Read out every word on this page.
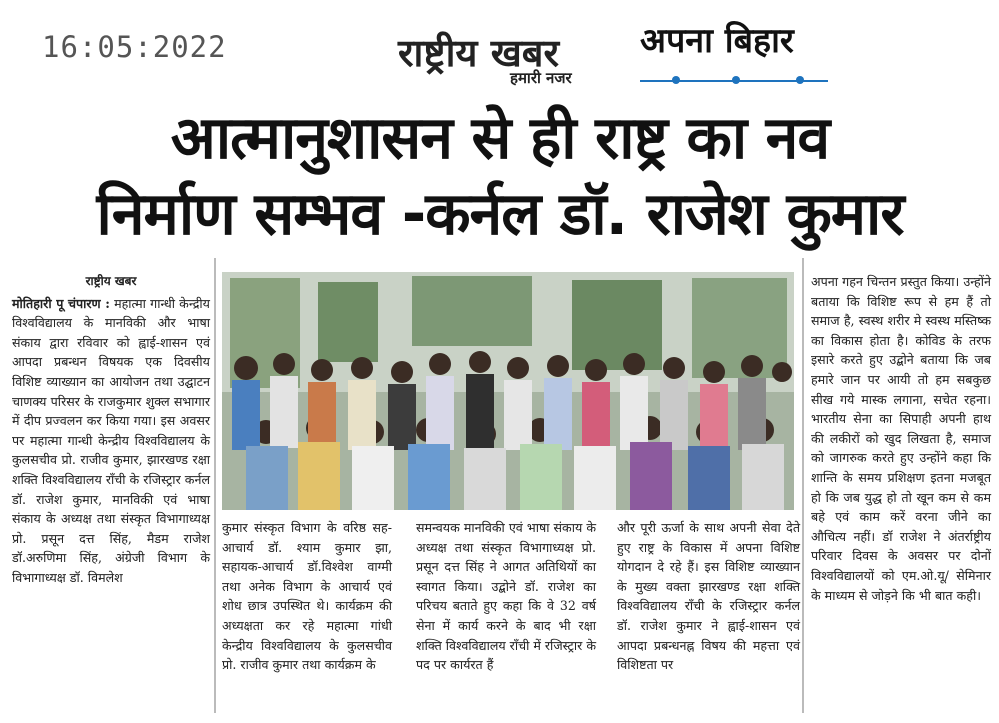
16:05:2022	राष्ट्रीय खबर
हमारी नजर
अपना बिहार
आत्मानुशासन से ही राष्ट्र का नव
निर्माण सम्भव -कर्नल डॉ. राजेश कुमार
राष्ट्रीय खबर
मोतिहारी पू चंपारण : महात्मा गान्धी केन्द्रीय विश्वविद्यालय के मानविकी और भाषा संकाय द्वारा रविवार को ह्वाई-शासन एवं आपदा प्रबन्धन विषयक एक दिवसीय विशिष्ट व्याख्यान का आयोजन तथा उद्घाटन चाणक्य परिसर के राजकुमार शुक्ल सभागार में दीप प्रज्वलन कर किया गया। इस अवसर पर महात्मा गान्धी केन्द्रीय विश्वविद्यालय के कुलसचीव प्रो. राजीव कुमार, झारखण्ड रक्षा शक्ति विश्वविद्यालय राँची के रजिस्ट्रार कर्नल डॉ. राजेश कुमार, मानविकी एवं भाषा संकाय के अध्यक्ष तथा संस्कृत विभागाध्यक्ष प्रो. प्रसून दत्त सिंह, मैडम राजेश डॉ.अरुणिमा सिंह, अंग्रेजी विभाग के विभागाध्यक्ष डॉ. विमलेश
कुमार संस्कृत विभाग के वरिष्ठ सह-आचार्य डॉ. श्याम कुमार झा, सहायक-आचार्य डॉ.विश्वेश वाग्मी तथा अनेक विभाग के आचार्य एवं शोध छात्र उपस्थित थे। कार्यक्रम की अध्यक्षता कर रहे महात्मा गांधी केन्द्रीय विश्वविद्यालय के कुलसचीव प्रो. राजीव कुमार तथा कार्यक्रम के
समन्वयक मानविकी एवं भाषा संकाय के अध्यक्ष तथा संस्कृत विभागाध्यक्ष प्रो. प्रसून दत्त सिंह ने आगत अतिथियों का स्वागत किया। उद्बोने डॉ. राजेश का परिचय बताते हुए कहा कि वे 32 वर्ष सेना में कार्य करने के बाद भी रक्षा शक्ति विश्वविद्यालय राँची में रजिस्ट्रार के पद पर कार्यरत हैं
और पूरी ऊर्जा के साथ अपनी सेवा देते हुए राष्ट्र के विकास में अपना विशिष्ट योगदान दे रहे हैं। इस विशिष्ट व्याख्यान के मुख्य वक्ता झारखण्ड रक्षा शक्ति विश्वविद्यालय राँची के रजिस्ट्रार कर्नल डॉ. राजेश कुमार ने ह्वाई-शासन एवं आपदा प्रबन्धनह्न विषय की महत्ता एवं विशिष्टता पर
अपना गहन चिन्तन प्रस्तुत किया। उन्होंने बताया कि विशिष्ट रूप से हम हैं तो समाज है, स्वस्थ शरीर मे स्वस्थ मस्तिष्क का विकास होता है। कोविड के तरफ इसारे करते हुए उद्बोने बताया कि जब हमारे जान पर आयी तो हम सबकुछ सीख गये मास्क लगाना, सचेत रहना। भारतीय सेना का सिपाही अपनी हाथ की लकीरों को खुद लिखता है, समाज को जागरुक करते हुए उन्होंने कहा कि शान्ति के समय प्रशिक्षण इतना मजबूत हो कि जब युद्ध हो तो खून कम से कम बहे एवं काम करें वरना जीने का औचित्य नहीं। डॉ राजेश ने अंतर्राष्ट्रीय परिवार दिवस के अवसर पर दोनों विश्वविद्यालयों को एम.ओ.यू/ सेमिनार के माध्यम से जोड़ने कि भी बात कही।
